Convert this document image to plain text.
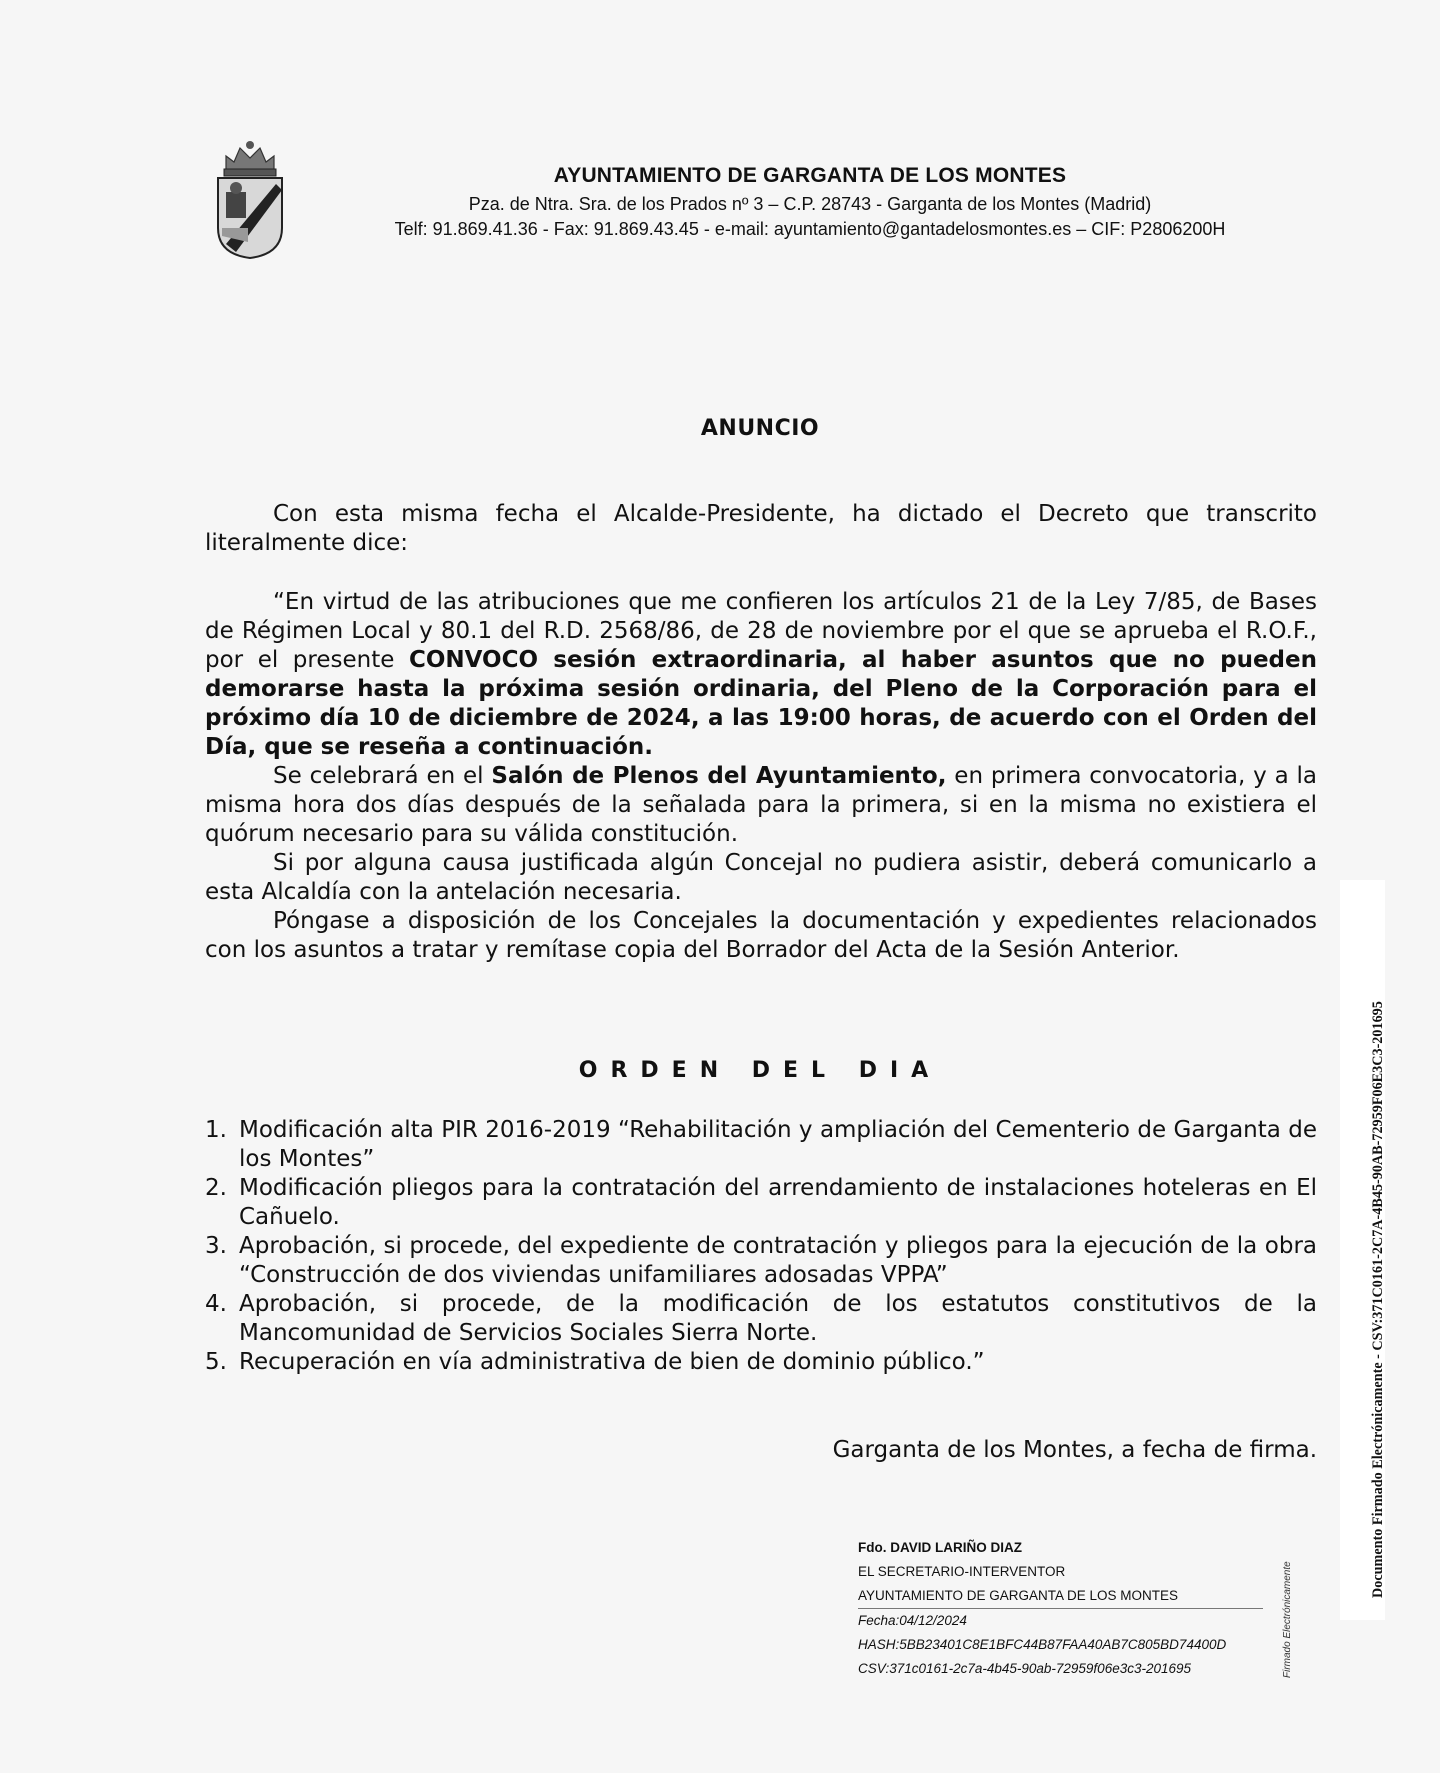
AYUNTAMIENTO DE GARGANTA DE LOS MONTES
Pza. de Ntra. Sra. de los Prados nº 3 – C.P. 28743 - Garganta de los Montes (Madrid)
Telf: 91.869.41.36 - Fax: 91.869.43.45 - e-mail: ayuntamiento@gantadelosmontes.es – CIF: P2806200H
ANUNCIO

Con esta misma fecha el Alcalde-Presidente, ha dictado el Decreto que transcrito literalmente dice:

“En virtud de las atribuciones que me confieren los artículos 21 de la Ley 7/85, de Bases de Régimen Local y 80.1 del R.D. 2568/86, de 28 de noviembre por el que se aprueba el R.O.F., por el presente CONVOCO sesión extraordinaria, al haber asuntos que no pueden demorarse hasta la próxima sesión ordinaria, del Pleno de la Corporación para el próximo día 10 de diciembre de 2024, a las 19:00 horas, de acuerdo con el Orden del Día, que se reseña a continuación.

Se celebrará en el Salón de Plenos del Ayuntamiento, en primera convocatoria, y a la misma hora dos días después de la señalada para la primera, si en la misma no existiera el quórum necesario para su válida constitución.

Si por alguna causa justificada algún Concejal no pudiera asistir, deberá comunicarlo a esta Alcaldía con la antelación necesaria.

Póngase a disposición de los Concejales la documentación y expedientes relacionados con los asuntos a tratar y remítase copia del Borrador del Acta de la Sesión Anterior.

ORDEN DEL DIA
1. Modificación alta PIR 2016-2019 “Rehabilitación y ampliación del Cementerio de Garganta de los Montes”
2. Modificación pliegos para la contratación del arrendamiento de instalaciones hoteleras en El Cañuelo.
3. Aprobación, si procede, del expediente de contratación y pliegos para la ejecución de la obra “Construcción de dos viviendas unifamiliares adosadas VPPA”
4. Aprobación, si procede, de la modificación de los estatutos constitutivos de la Mancomunidad de Servicios Sociales Sierra Norte.
5. Recuperación en vía administrativa de bien de dominio público.”
Garganta de los Montes, a fecha de firma.
Fdo. DAVID LARIÑO DIAZ
EL SECRETARIO-INTERVENTOR
AYUNTAMIENTO DE GARGANTA DE LOS MONTES
Fecha:04/12/2024
HASH:5BB23401C8E1BFC44B87FAA40AB7C805BD74400D
CSV:371c0161-2c7a-4b45-90ab-72959f06e3c3-201695	Firmado Electrónicamente
Documento Firmado Electrónicamente - CSV:371C0161-2C7A-4B45-90AB-72959F06E3C3-201695
